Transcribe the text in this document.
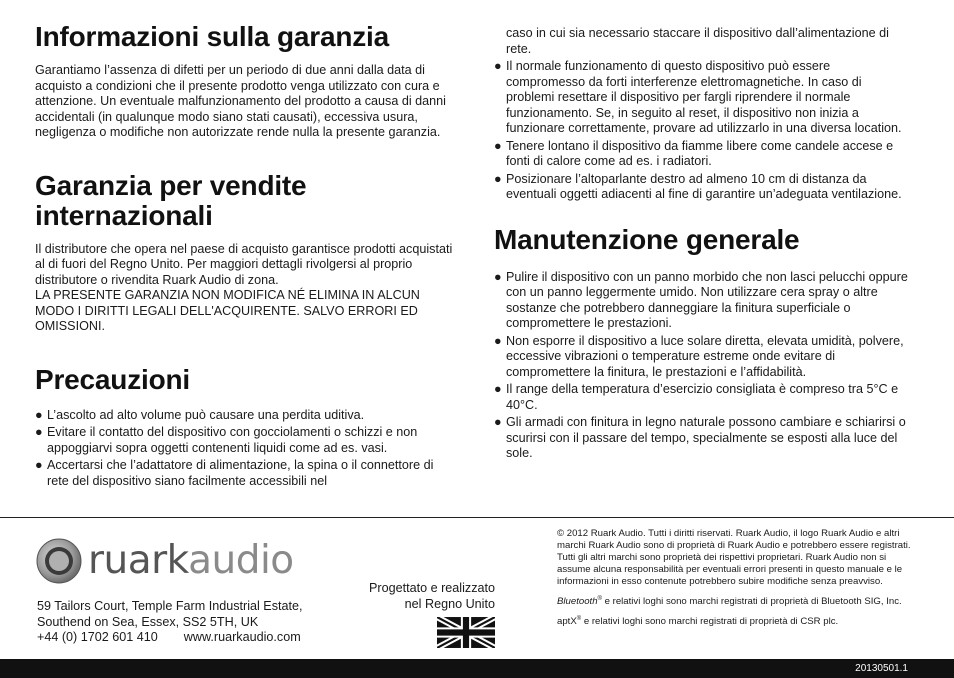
Informazioni sulla garanzia

Garantiamo l’assenza di difetti per un periodo di due anni dalla data di acquisto a condizioni che il presente prodotto venga utilizzato con cura e attenzione. Un eventuale malfunzionamento del prodotto a causa di danni accidentali (in qualunque modo siano stati causati), eccessiva usura, negligenza o modifiche non autorizzate rende nulla la presente garanzia.

Garanzia per vendite internazionali

Il distributore che opera nel paese di acquisto garantisce prodotti acquistati al di fuori del Regno Unito. Per maggiori dettagli rivolgersi al proprio distributore o rivendita Ruark Audio di zona.

LA PRESENTE GARANZIA NON MODIFICA NÉ ELIMINA IN ALCUN MODO I DIRITTI LEGALI DELL'ACQUIRENTE. SALVO ERRORI ED OMISSIONI.

Precauzioni
● L’ascolto ad alto volume può causare una perdita uditiva.
● Evitare il contatto del dispositivo con gocciolamenti o schizzi e non appoggiarvi sopra oggetti contenenti liquidi come ad es. vasi.
● Accertarsi che l’adattatore di alimentazione, la spina o il connettore di rete del dispositivo siano facilmente accessibili nel
caso in cui sia necessario staccare il dispositivo dall’alimentazione di rete.
● Il normale funzionamento di questo dispositivo può essere compromesso da forti interferenze elettromagnetiche. In caso di problemi resettare il dispositivo per fargli riprendere il normale funzionamento. Se, in seguito al reset, il dispositivo non inizia a funzionare correttamente, provare ad utilizzarlo in una diversa location.
● Tenere lontano il dispositivo da fiamme libere come candele accese e fonti di calore come ad es. i radiatori.
● Posizionare l’altoparlante destro ad almeno 10 cm di distanza da eventuali oggetti adiacenti al fine di garantire un’adeguata ventilazione.
Manutenzione generale
● Pulire il dispositivo con un panno morbido che non lasci pelucchi oppure con un panno leggermente umido. Non utilizzare cera spray o altre sostanze che potrebbero danneggiare la finitura superficiale o compromettere le prestazioni.
● Non esporre il dispositivo a luce solare diretta, elevata umidità, polvere, eccessive vibrazioni o temperature estreme onde evitare di compromettere la finitura, le prestazioni e l’affidabilità.
● Il range della temperatura d’esercizio consigliata è compreso tra 5°C e 40°C.
● Gli armadi con finitura in legno naturale possono cambiare e schiarirsi o scurirsi con il passare del tempo, specialmente se esposti alla luce del sole.
ruarkaudio
59 Tailors Court, Temple Farm Industrial Estate,
Southend on Sea, Essex, SS2 5TH, UK
+44 (0) 1702 601 410 www.ruarkaudio.com
Progettato e realizzato
nel Regno Unito

© 2012 Ruark Audio. Tutti i diritti riservati. Ruark Audio, il logo Ruark Audio e altri marchi Ruark Audio sono di proprietà di Ruark Audio e potrebbero essere registrati. Tutti gli altri marchi sono proprietà dei rispettivi proprietari. Ruark Audio non si assume alcuna responsabilità per eventuali errori presenti in questo manuale e le informazioni in esso contenute potrebbero subire modifiche senza preavviso.

Bluetooth® e relativi loghi sono marchi registrati di proprietà di Bluetooth SIG, Inc.

aptX® e relativi loghi sono marchi registrati di proprietà di CSR plc.

20130501.1
